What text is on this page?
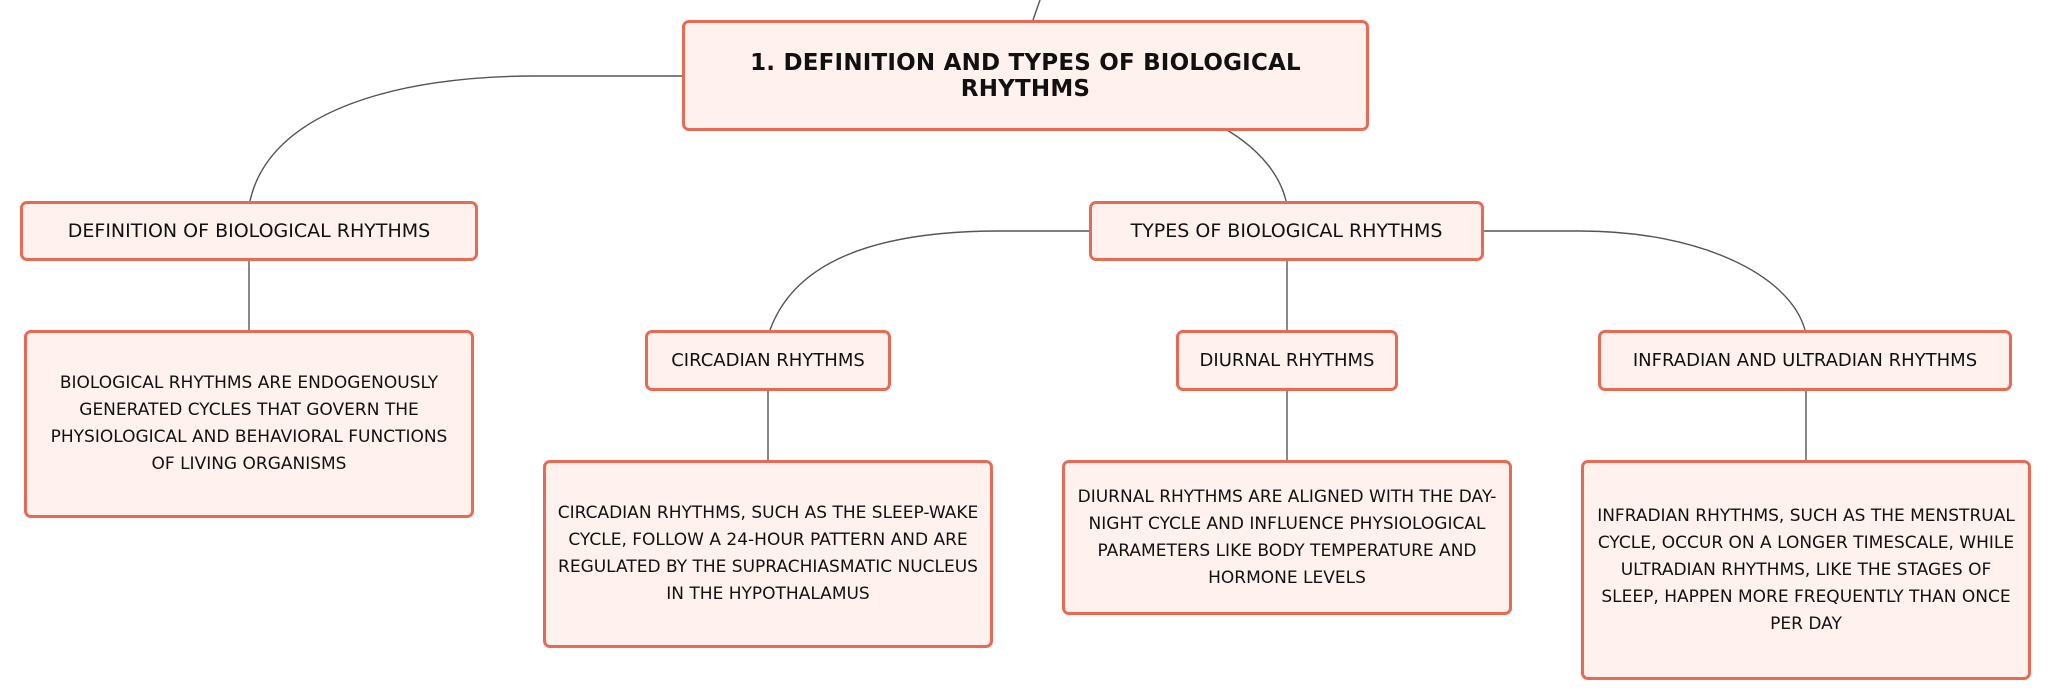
1. DEFINITION AND TYPES OF BIOLOGICAL RHYTHMS
DEFINITION OF BIOLOGICAL RHYTHMS
BIOLOGICAL RHYTHMS ARE ENDOGENOUSLY GENERATED CYCLES THAT GOVERN THE PHYSIOLOGICAL AND BEHAVIORAL FUNCTIONS OF LIVING ORGANISMS
TYPES OF BIOLOGICAL RHYTHMS
CIRCADIAN RHYTHMS	DIURNAL RHYTHMS	INFRADIAN AND ULTRADIAN RHYTHMS
CIRCADIAN RHYTHMS, SUCH AS THE SLEEP-WAKE CYCLE, FOLLOW A 24-HOUR PATTERN AND ARE REGULATED BY THE SUPRACHIASMATIC NUCLEUS IN THE HYPOTHALAMUS
DIURNAL RHYTHMS ARE ALIGNED WITH THE DAY-NIGHT CYCLE AND INFLUENCE PHYSIOLOGICAL PARAMETERS LIKE BODY TEMPERATURE AND HORMONE LEVELS
INFRADIAN RHYTHMS, SUCH AS THE MENSTRUAL CYCLE, OCCUR ON A LONGER TIMESCALE, WHILE ULTRADIAN RHYTHMS, LIKE THE STAGES OF SLEEP, HAPPEN MORE FREQUENTLY THAN ONCE PER DAY
